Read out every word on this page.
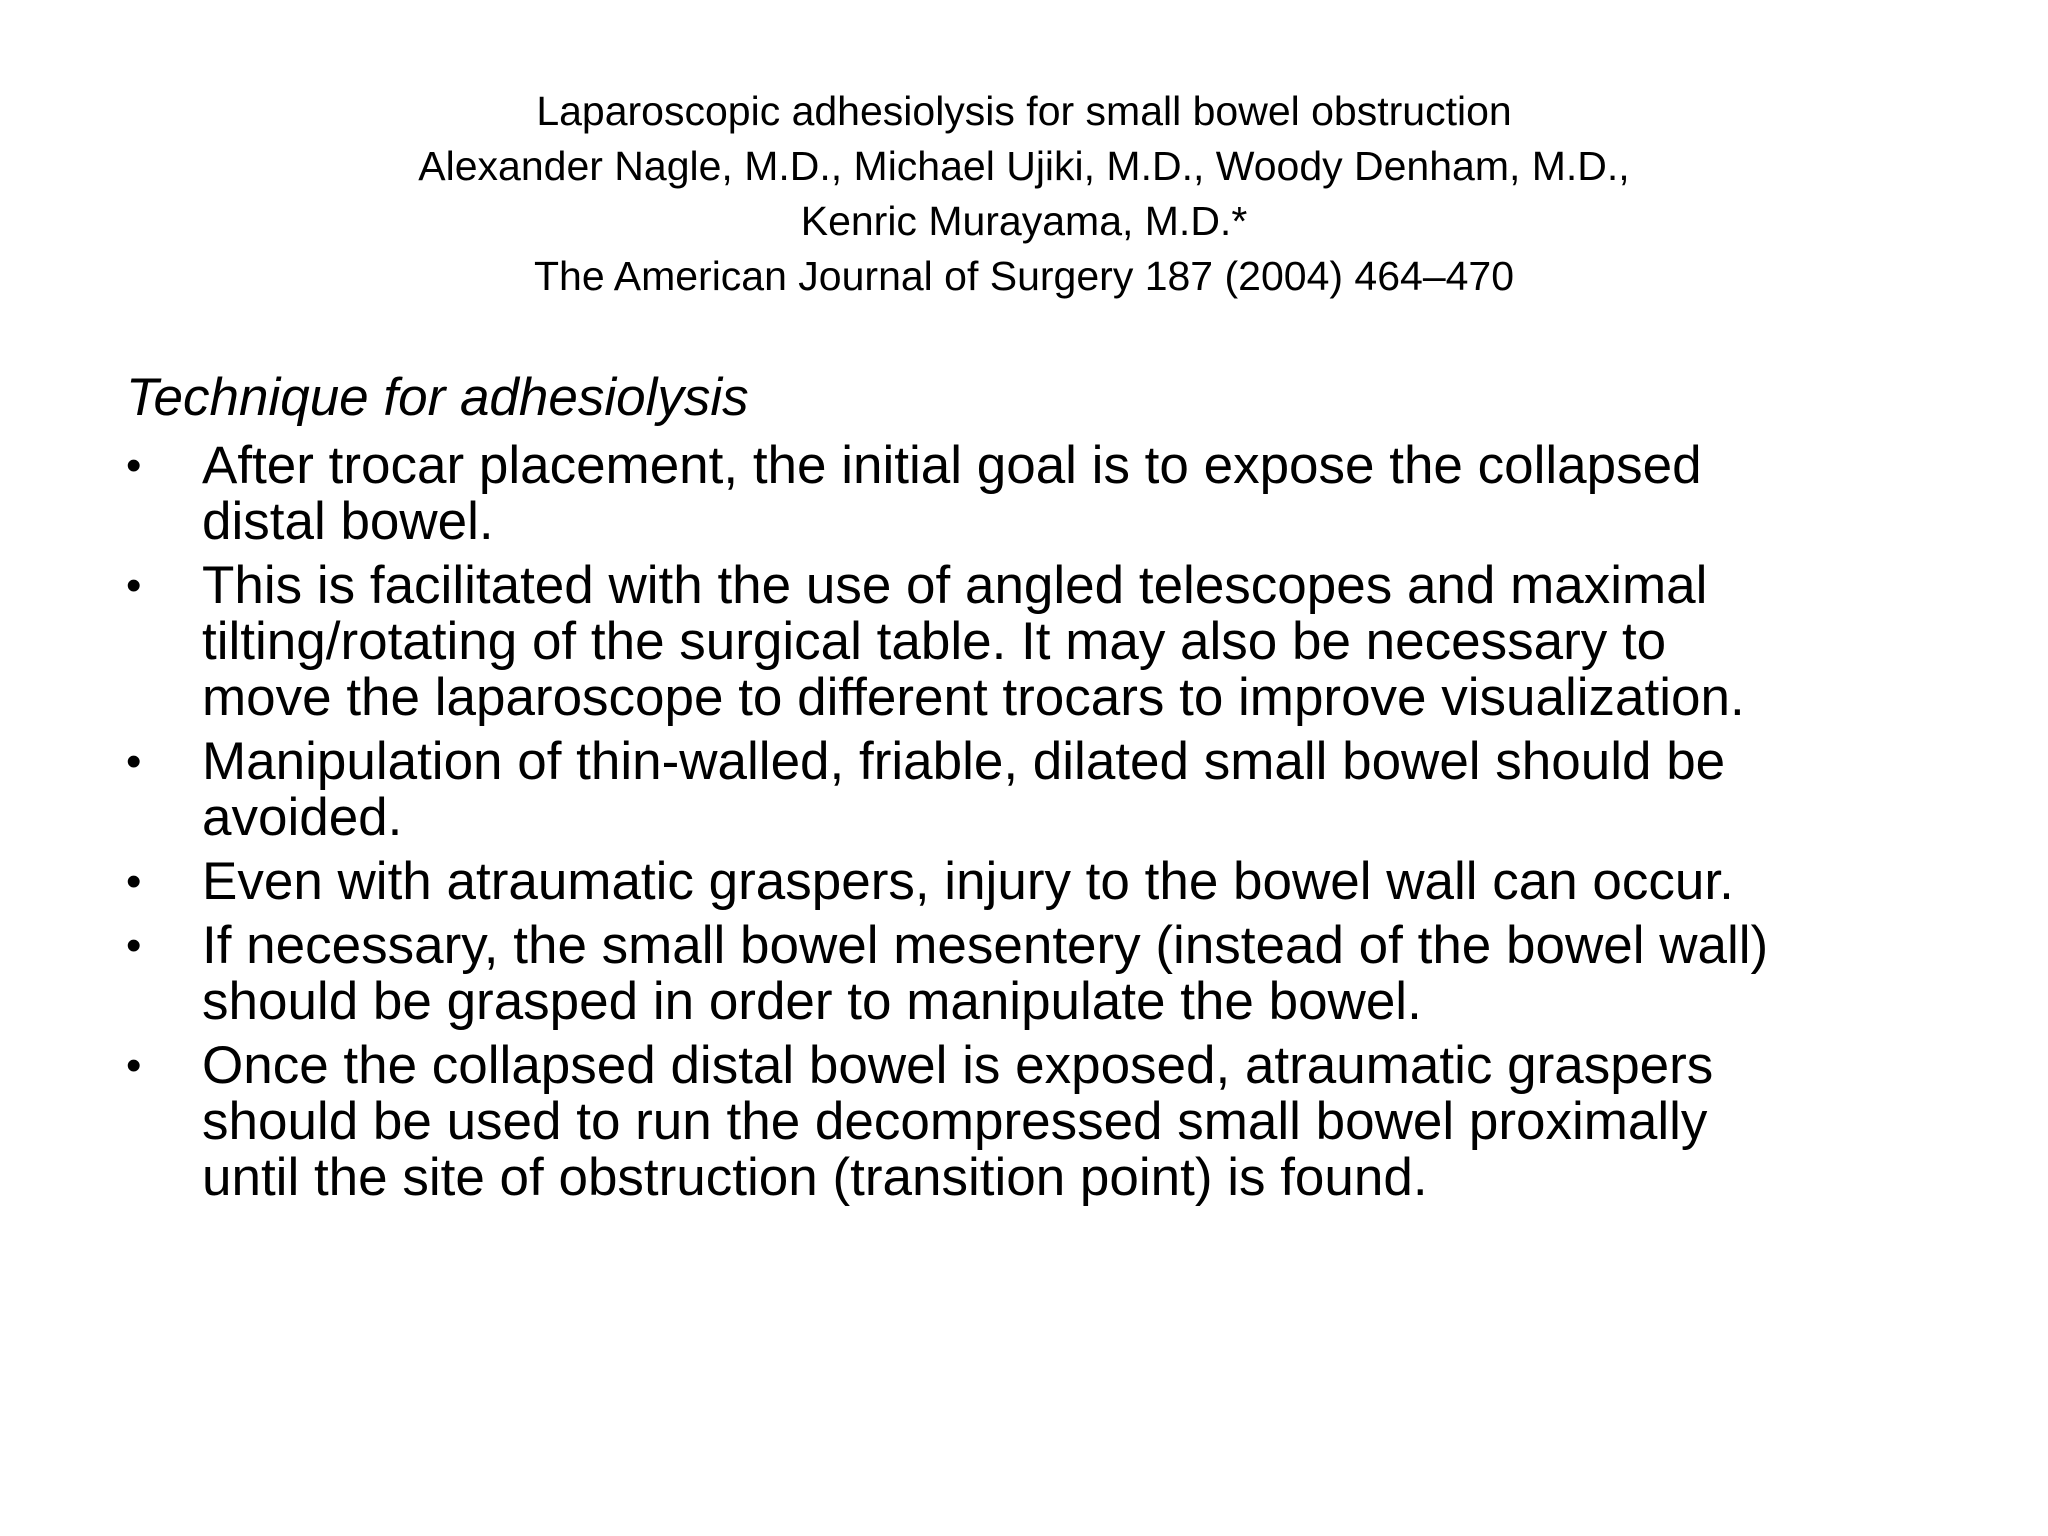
Laparoscopic adhesiolysis for small bowel obstruction
Alexander Nagle, M.D., Michael Ujiki, M.D., Woody Denham, M.D.,
Kenric Murayama, M.D.*
The American Journal of Surgery 187 (2004) 464–470
Technique for adhesiolysis
• After trocar placement, the initial goal is to expose the collapsed
distal bowel.
• This is facilitated with the use of angled telescopes and maximal
tilting/rotating of the surgical table. It may also be necessary to
move the laparoscope to different trocars to improve visualization.
• Manipulation of thin-walled, friable, dilated small bowel should be
avoided.
• Even with atraumatic graspers, injury to the bowel wall can occur.
• If necessary, the small bowel mesentery (instead of the bowel wall)
should be grasped in order to manipulate the bowel.
• Once the collapsed distal bowel is exposed, atraumatic graspers
should be used to run the decompressed small bowel proximally
until the site of obstruction (transition point) is found.
